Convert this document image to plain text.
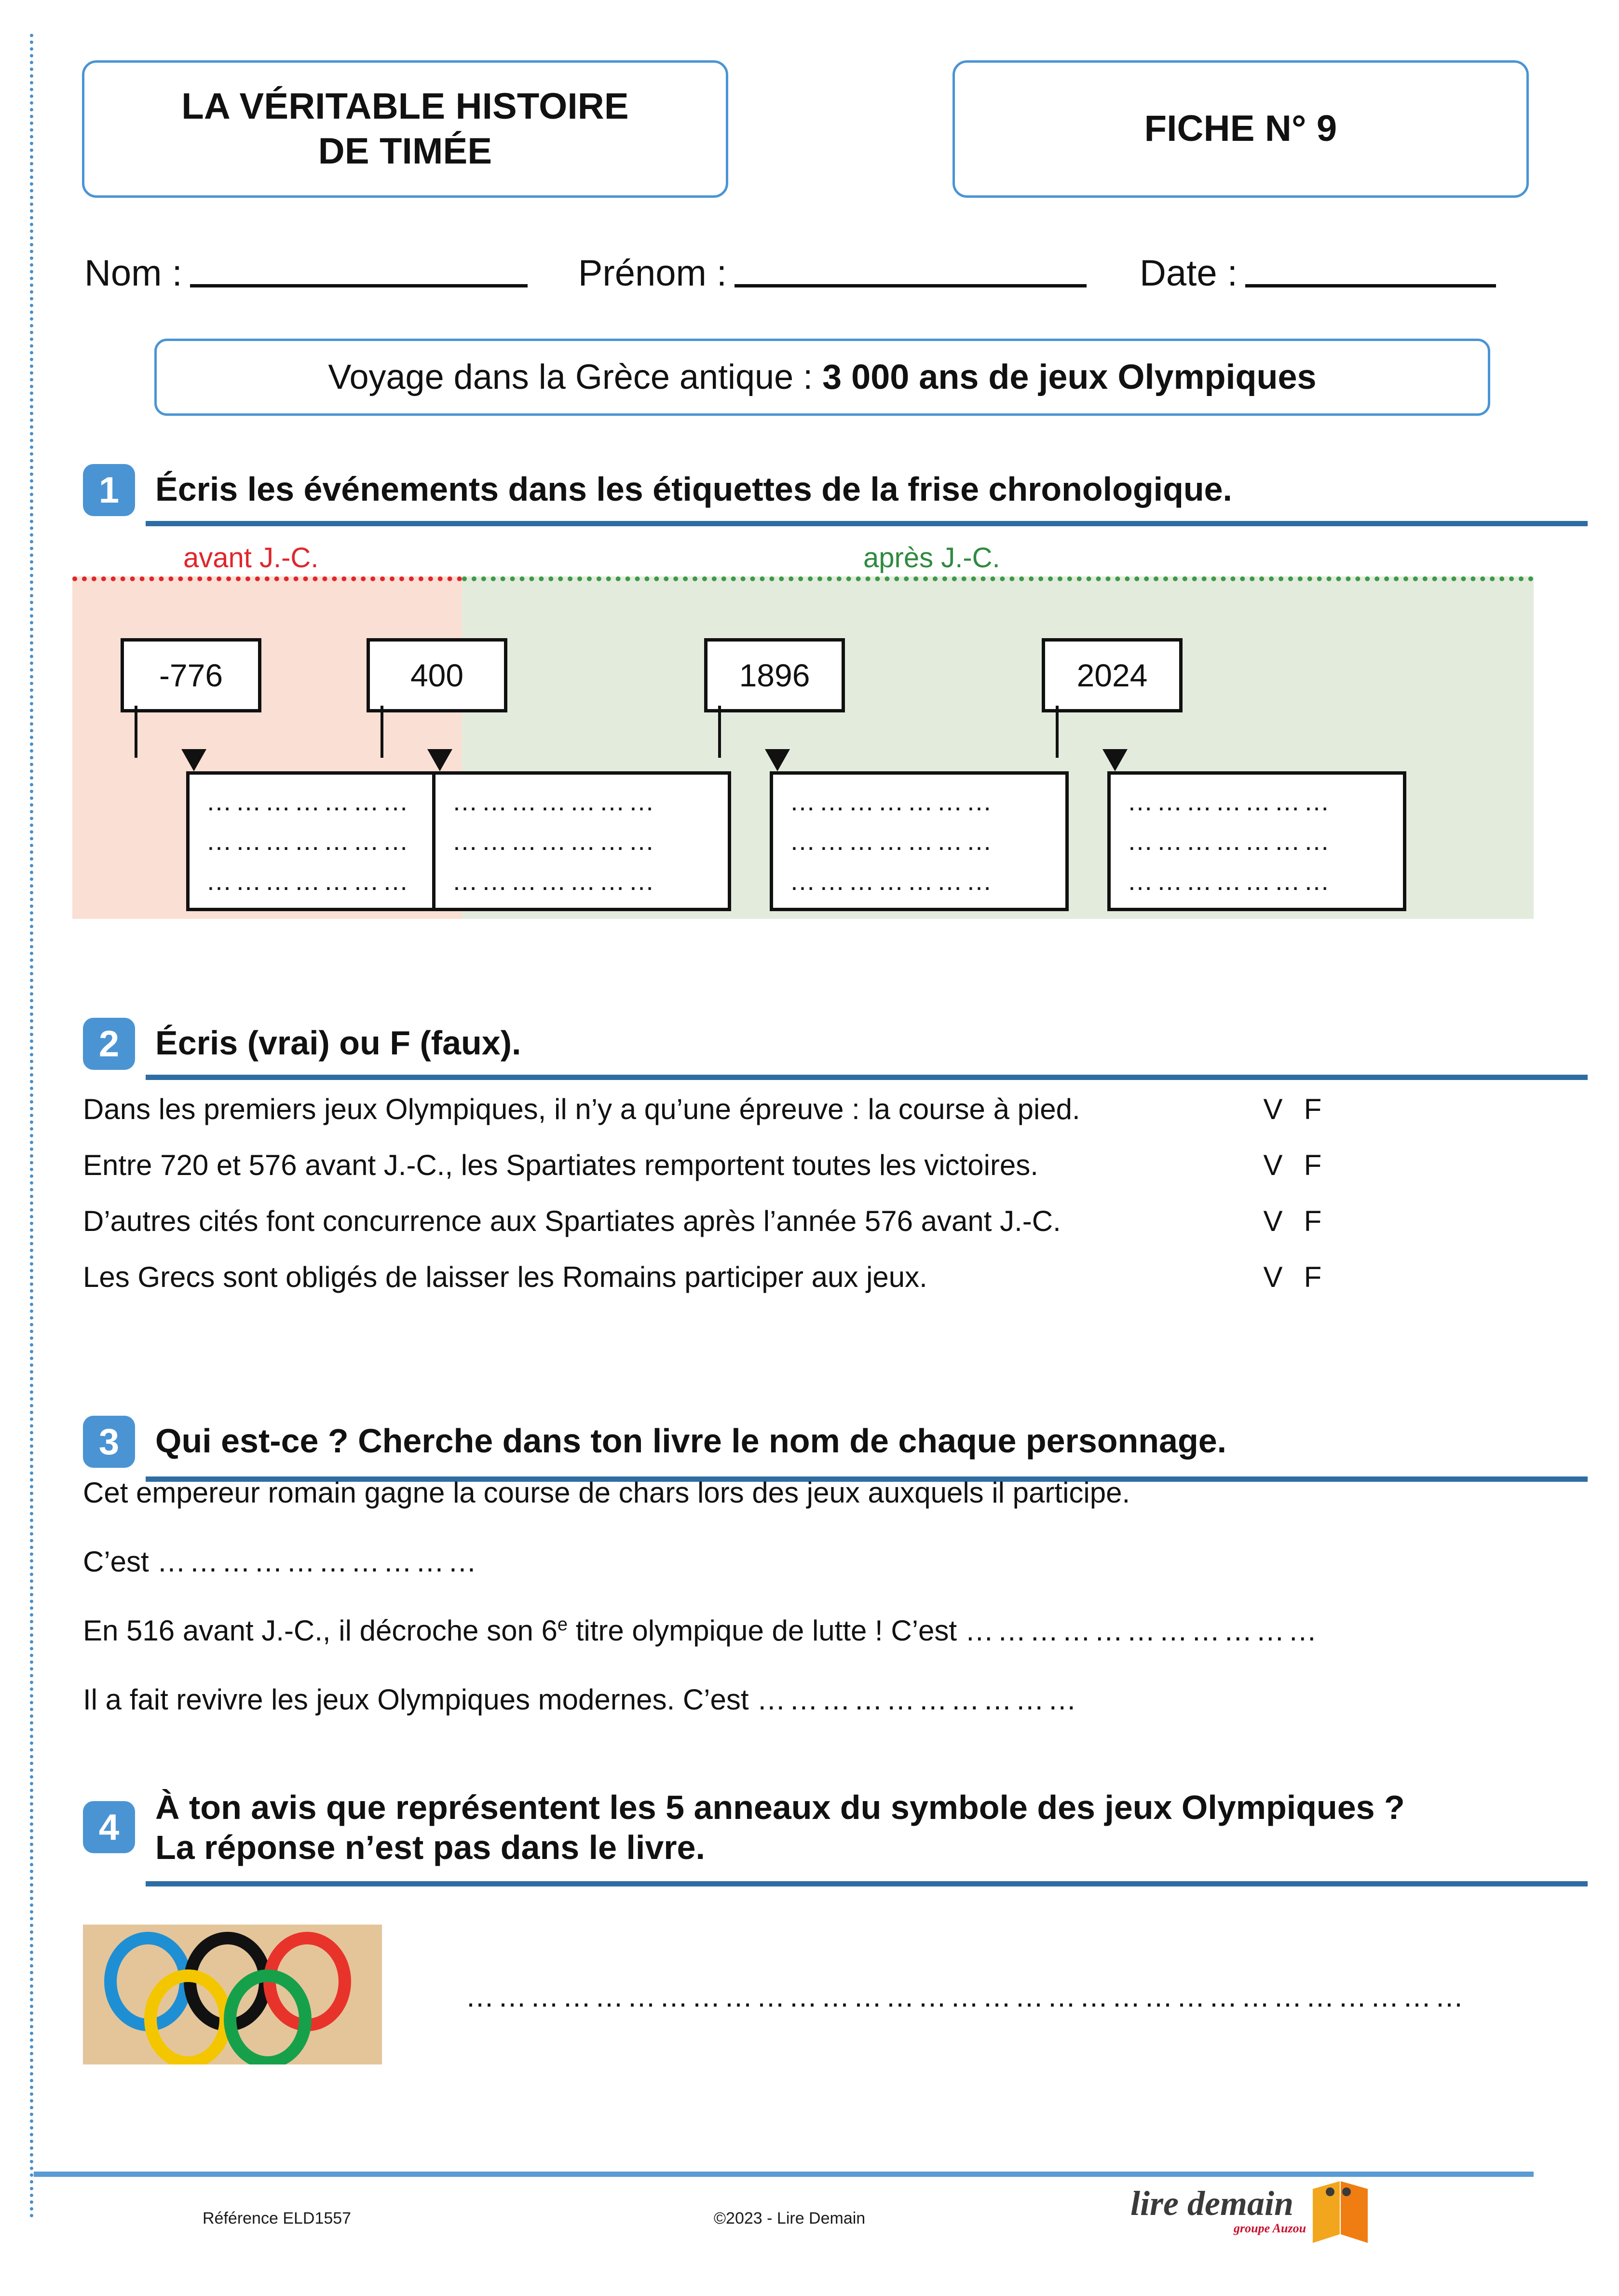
LA VÉRITABLE HISTOIRE
DE TIMÉE
FICHE N° 9
Nom :	Prénom :	Date :
Voyage dans la Grèce antique : 3 000 ans de jeux Olympiques
1	Écris les événements dans les étiquettes de la frise chronologique.
avant J.-C.	après J.-C.
-776
…………………
…………………
…………………
400
…………………
…………………
…………………
1896
…………………
…………………
…………………
2024
…………………
…………………
…………………
2	Écris (vrai) ou F (faux).
Dans les premiers jeux Olympiques, il n’y a qu’une épreuve : la course à pied.	V F
Entre 720 et 576 avant J.-C., les Spartiates remportent toutes les victoires.	V F
D’autres cités font concurrence aux Spartiates après l’année 576 avant J.-C.	V F
Les Grecs sont obligés de laisser les Romains participer aux jeux.	V F
3	Qui est-ce ? Cherche dans ton livre le nom de chaque personnage.
Cet empereur romain gagne la course de chars lors des jeux auxquels il participe.
C’est …………………………
En 516 avant J.-C., il décroche son 6e titre olympique de lutte ! C’est ……………………………
Il a fait revivre les jeux Olympiques modernes. C’est …………………………
4	À ton avis que représentent les 5 anneaux du symbole des jeux Olympiques ?
La réponse n’est pas dans le livre.
…………………………………………………………………………………
Référence ELD1557	©2023 - Lire Demain	lire demain
groupe Auzou
